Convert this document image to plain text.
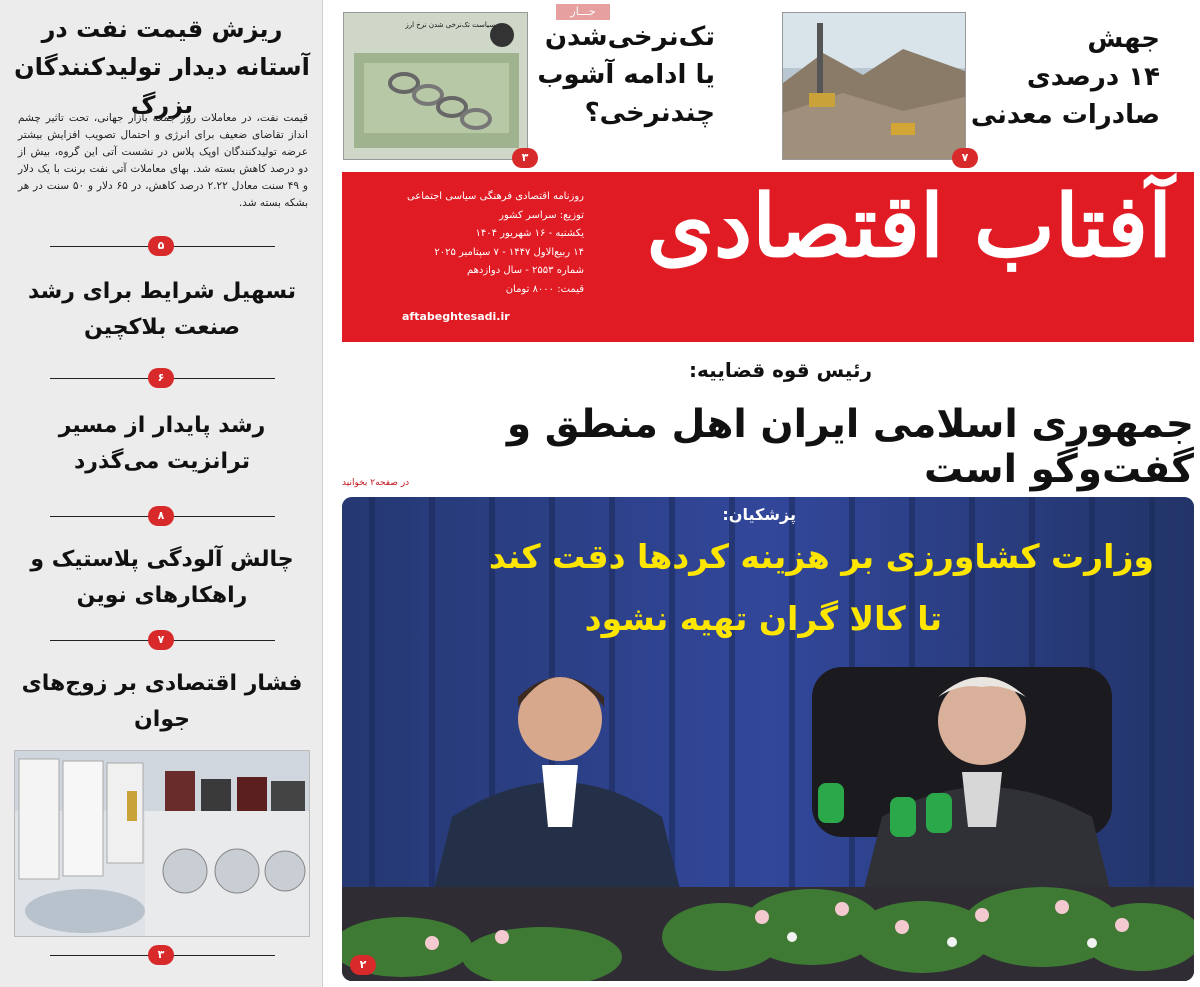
ریزش قیمت نفت در آستانه دیدار تولیدکنندگان بزرگ
قیمت نفت، در معاملات روز جمعه بازار جهانی، تحت تاثیر چشم انداز تقاضای ضعیف برای انرژی و احتمال تصویب افزایش بیشتر عرضه تولیدکنندگان اوپک پلاس در نشست آتی این گروه، بیش از دو درصد کاهش بسته شد. بهای معاملات آتی نفت برنت با یک دلار و ۴۹ سنت معادل ۲.۲۲ درصد کاهش، در ۶۵ دلار و ۵۰ سنت در هر بشکه بسته شد.
۵
تسهیل شرایط برای رشد صنعت بلاکچین
۶
رشد پایدار از مسیر ترانزیت می‌گذرد
۸
چالش آلودگی پلاستیک و راهکارهای نوین
۷
فشار اقتصادی بر زوج‌های جوان
۳
جهش
۱۴ درصدی
صادرات معدنی
۷
تک‌نرخی‌شدن
یا ادامه آشوب
چندنرخی؟
سیاست تک‌نرخی شدن نرخ ارز
۳
جـــار
آفتاب اقتصادی
روزنامه اقتصادی فرهنگی سیاسی اجتماعی
توزیع: سراسر کشور
یکشنبه - ۱۶ شهریور ۱۴۰۴
۱۴ ربیع‌الاول ۱۴۴۷ - ۷ سپتامبر ۲۰۲۵
شماره ۲۵۵۳ - سال دوازدهم
قیمت: ۸۰۰۰ تومان
aftabeghtesadi.ir
رئیس قوه قضاییه:
جمهوری اسلامی ایران اهل منطق و گفت‌وگو است
در صفحه۲ بخوانید
پزشکیان:
وزارت کشاورزی بر هزینه کردها دقت کند
تا کالا گران تهیه نشود
۲
